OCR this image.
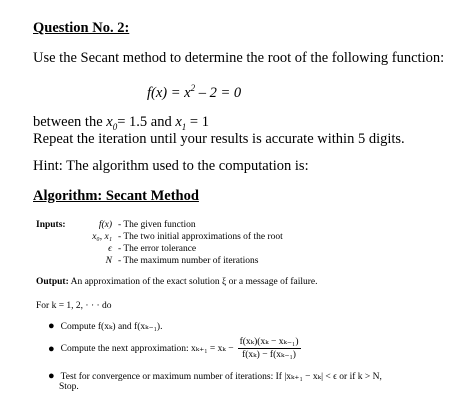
Question No. 2:
Use the Secant method to determine the root of the following function:
$f(x) = x^2 - 2 = 0$
between the $x_0= 1.5$ and $x_1 = 1$
Repeat the iteration until your results is accurate within 5 digits.
Hint: The algorithm used to the computation is:
Algorithm: Secant Method
Inputs:	f(x) - The given function
x₀, x₁ - The two initial approximations of the root
ϵ - The error tolerance
N - The maximum number of iterations
Output: An approximation of the exact solution ξ or a message of failure.
For k = 1, 2, · · · do
● Compute f(xₖ) and f(xₖ₋₁).
● Compute the next approximation: $x_{k+1} = x_k - \frac{\text{f(xₖ)(xₖ − xₖ₋₁)}}{\text{f(xₖ) − f(xₖ₋₁)}}$
● Test for convergence or maximum number of iterations: If |xₖ₊₁ − xₖ| < ϵ or if k > N,
Stop.
